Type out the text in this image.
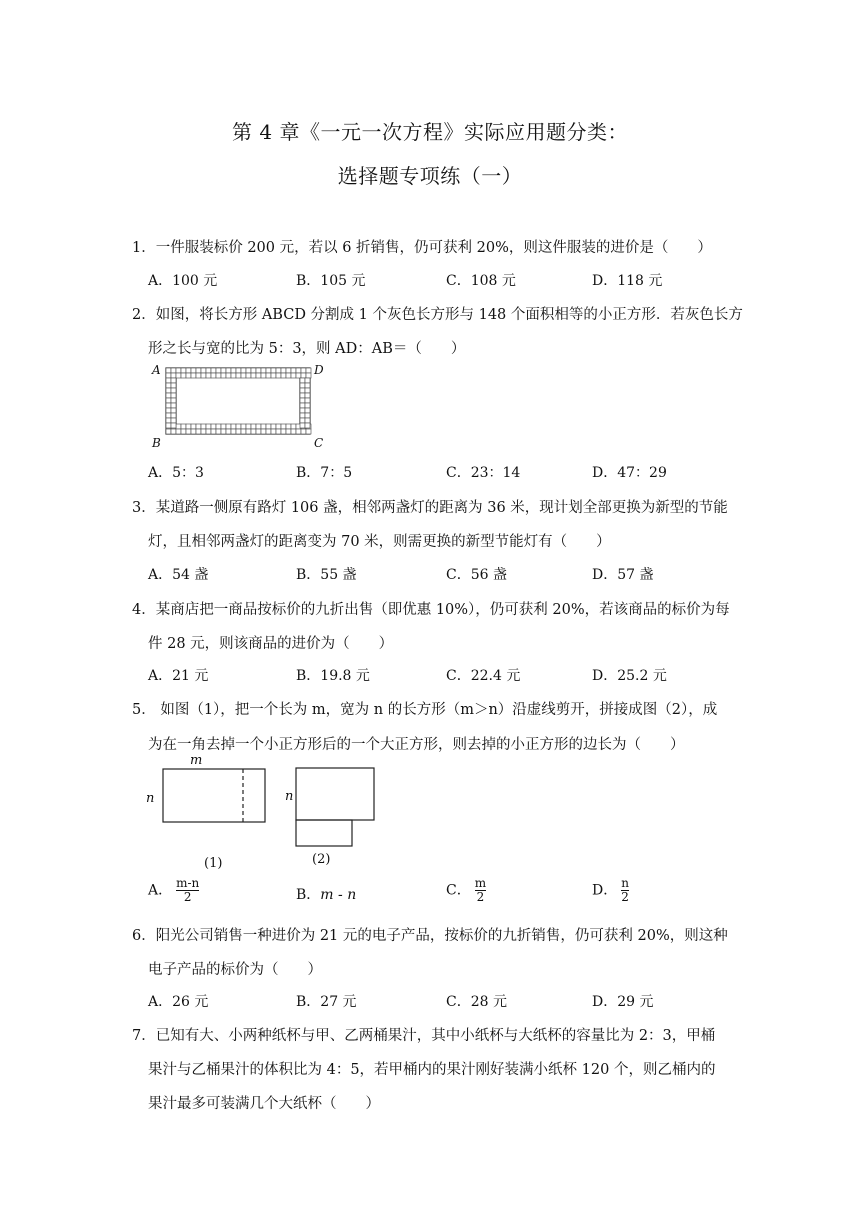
第 4 章《一元一次方程》实际应用题分类：
选择题专项练（一）
1．一件服装标价 200 元，若以 6 折销售，仍可获利 20%，则这件服装的进价是（　　）
A．100 元	B．105 元	C．108 元	D．118 元
2．如图，将长方形 ABCD 分割成 1 个灰色长方形与 148 个面积相等的小正方形．若灰色长方
形之长与宽的比为 5：3，则 AD：AB＝（　　）
A	D
B	C
A．5：3	B．7：5	C．23：14	D．47：29
3．某道路一侧原有路灯 106 盏，相邻两盏灯的距离为 36 米，现计划全部更换为新型的节能
灯，且相邻两盏灯的距离变为 70 米，则需更换的新型节能灯有（　　）
A．54 盏	B．55 盏	C．56 盏	D．57 盏
4．某商店把一商品按标价的九折出售（即优惠 10%），仍可获利 20%，若该商品的标价为每
件 28 元，则该商品的进价为（　　）
A．21 元	B．19.8 元	C．22.4 元	D．25.2 元
5． 如图（1），把一个长为 m，宽为 n 的长方形（m＞n）沿虚线剪开，拼接成图（2），成
为在一角去掉一个小正方形后的一个大正方形，则去掉的小正方形的边长为（　　）
m
n	n
(1)	(2)
A． $\frac{m-n}{2}$	B．m - n	C． $\frac{m}{2}$	D． $\frac{n}{2}$
6．阳光公司销售一种进价为 21 元的电子产品，按标价的九折销售，仍可获利 20%，则这种
电子产品的标价为（　　）
A．26 元	B．27 元	C．28 元	D．29 元
7．已知有大、小两种纸杯与甲、乙两桶果汁，其中小纸杯与大纸杯的容量比为 2：3，甲桶
果汁与乙桶果汁的体积比为 4：5，若甲桶内的果汁刚好装满小纸杯 120 个，则乙桶内的
果汁最多可装满几个大纸杯（　　）
